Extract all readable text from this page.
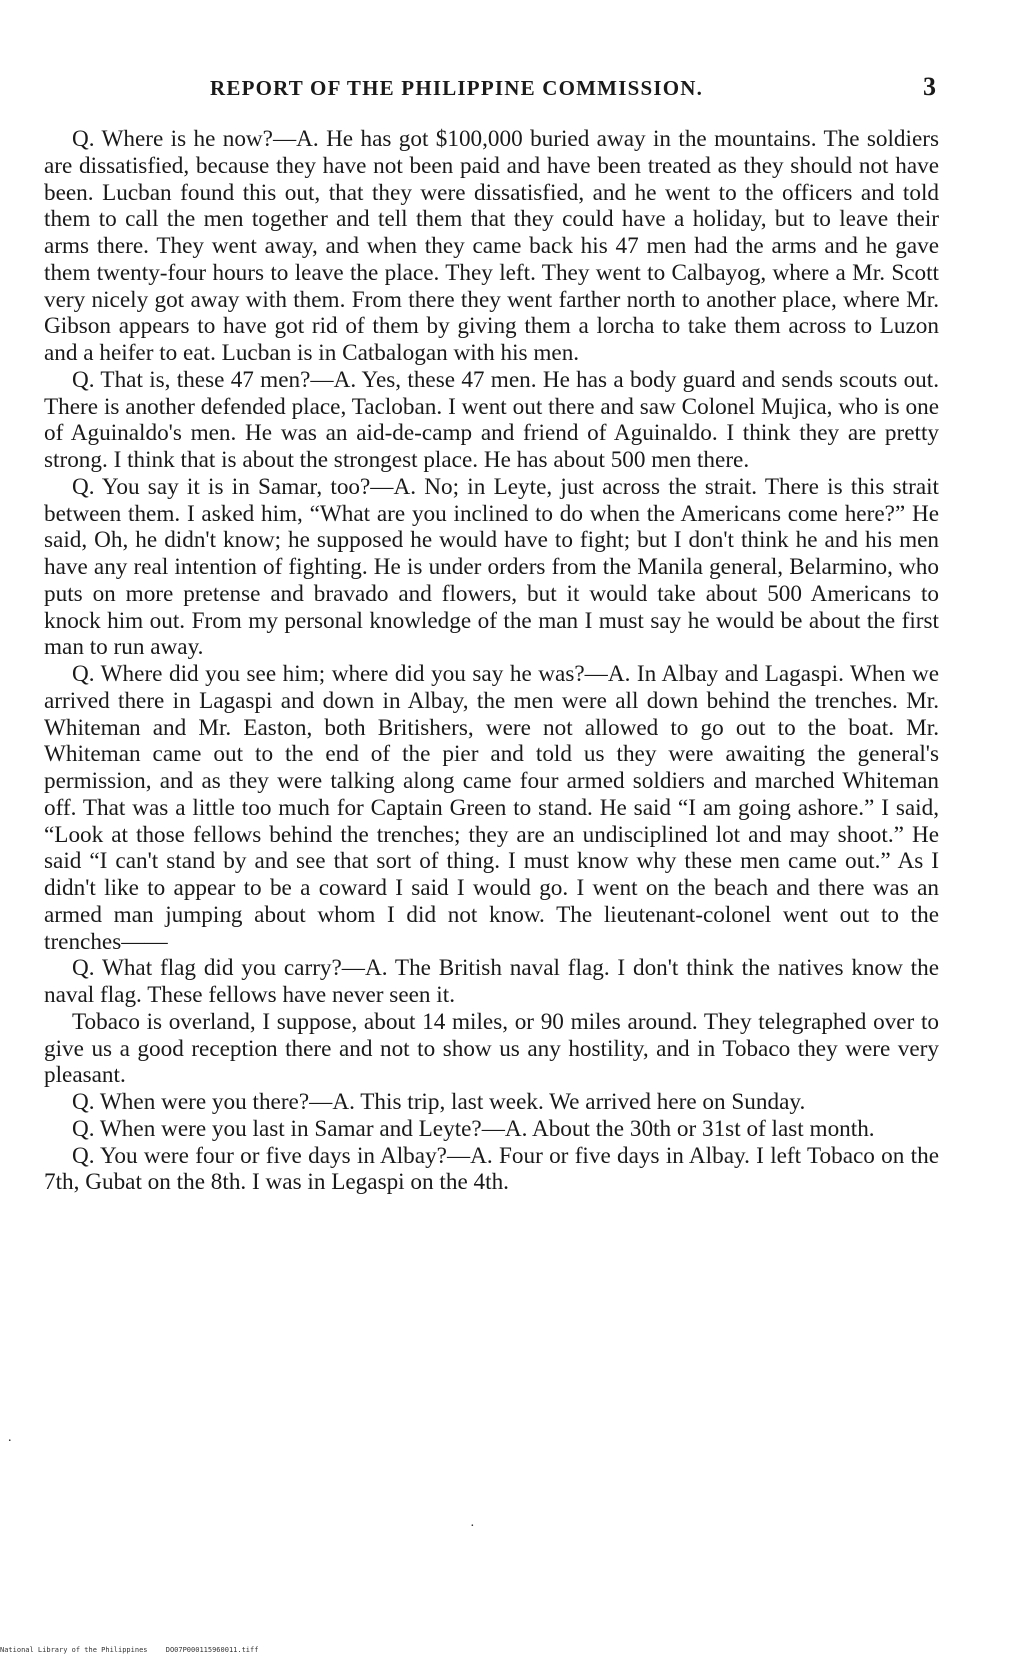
REPORT OF THE PHILIPPINE COMMISSION.	3

Q. Where is he now?—A. He has got $100,000 buried away in the mountains. The soldiers are dissatisfied, because they have not been paid and have been treated as they should not have been. Lucban found this out, that they were dissatisfied, and he went to the officers and told them to call the men together and tell them that they could have a holiday, but to leave their arms there. They went away, and when they came back his 47 men had the arms and he gave them twenty-four hours to leave the place. They left. They went to Calbayog, where a Mr. Scott very nicely got away with them. From there they went farther north to another place, where Mr. Gibson appears to have got rid of them by giving them a lorcha to take them across to Luzon and a heifer to eat. Lucban is in Catbalogan with his men.

Q. That is, these 47 men?—A. Yes, these 47 men. He has a body guard and sends scouts out. There is another defended place, Tacloban. I went out there and saw Colonel Mujica, who is one of Aguinaldo's men. He was an aid-de-camp and friend of Aguinaldo. I think they are pretty strong. I think that is about the strongest place. He has about 500 men there.

Q. You say it is in Samar, too?—A. No; in Leyte, just across the strait. There is this strait between them. I asked him, “What are you inclined to do when the Americans come here?” He said, Oh, he didn't know; he supposed he would have to fight; but I don't think he and his men have any real intention of fighting. He is under orders from the Manila general, Belarmino, who puts on more pretense and bravado and flowers, but it would take about 500 Americans to knock him out. From my personal knowledge of the man I must say he would be about the first man to run away.

Q. Where did you see him; where did you say he was?—A. In Albay and Lagaspi. When we arrived there in Lagaspi and down in Albay, the men were all down behind the trenches. Mr. Whiteman and Mr. Easton, both Britishers, were not allowed to go out to the boat. Mr. Whiteman came out to the end of the pier and told us they were awaiting the general's permission, and as they were talking along came four armed soldiers and marched Whiteman off. That was a little too much for Captain Green to stand. He said “I am going ashore.” I said, “Look at those fellows behind the trenches; they are an undisciplined lot and may shoot.” He said “I can't stand by and see that sort of thing. I must know why these men came out.” As I didn't like to appear to be a coward I said I would go. I went on the beach and there was an armed man jumping about whom I did not know. The lieutenant-colonel went out to the trenches——

Q. What flag did you carry?—A. The British naval flag. I don't think the natives know the naval flag. These fellows have never seen it.

Tobaco is overland, I suppose, about 14 miles, or 90 miles around. They telegraphed over to give us a good reception there and not to show us any hostility, and in Tobaco they were very pleasant.

Q. When were you there?—A. This trip, last week. We arrived here on Sunday.

Q. When were you last in Samar and Leyte?—A. About the 30th or 31st of last month.

Q. You were four or five days in Albay?—A. Four or five days in Albay. I left Tobaco on the 7th, Gubat on the 8th. I was in Legaspi on the 4th.

.
·
National Library of the Philippines	DO07P000115960011.tiff
